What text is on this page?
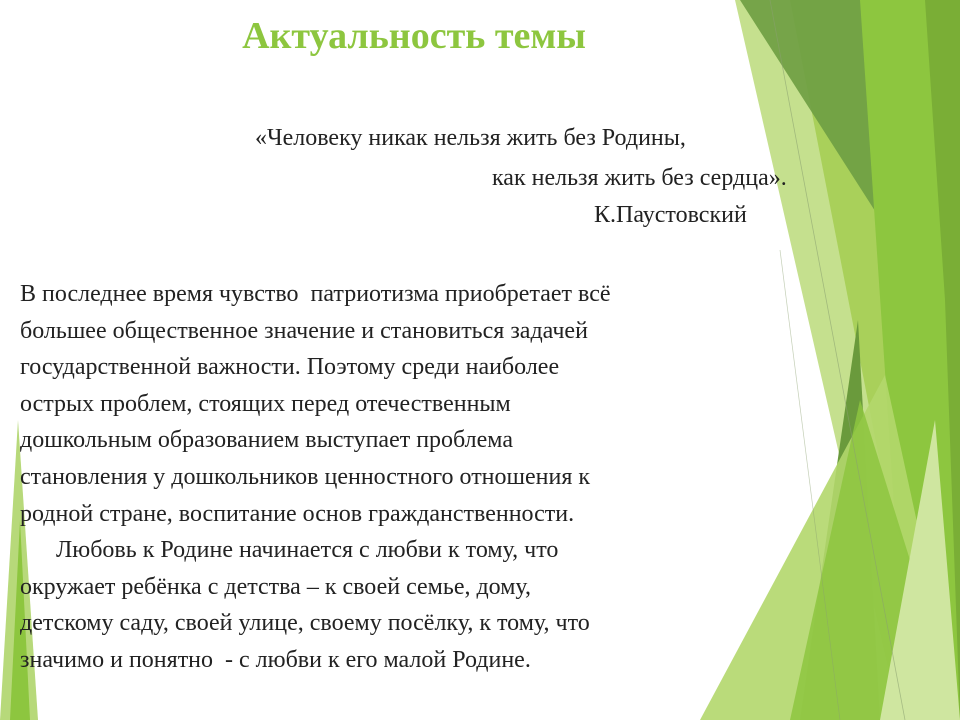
Актуальность темы

«Человеку никак нельзя жить без Родины,

как нельзя жить без сердца».

К.Паустовский

В последнее время чувство  патриотизма приобретает всё
большее общественное значение и становиться задачей
государственной важности. Поэтому среди наиболее
острых проблем, стоящих перед отечественным
дошкольным образованием выступает проблема
становления у дошкольников ценностного отношения к
родной стране, воспитание основ гражданственности.
Любовь к Родине начинается с любви к тому, что
окружает ребёнка с детства – к своей семье, дому,
детскому саду, своей улице, своему посёлку, к тому, что
значимо и понятно  - с любви к его малой Родине.
